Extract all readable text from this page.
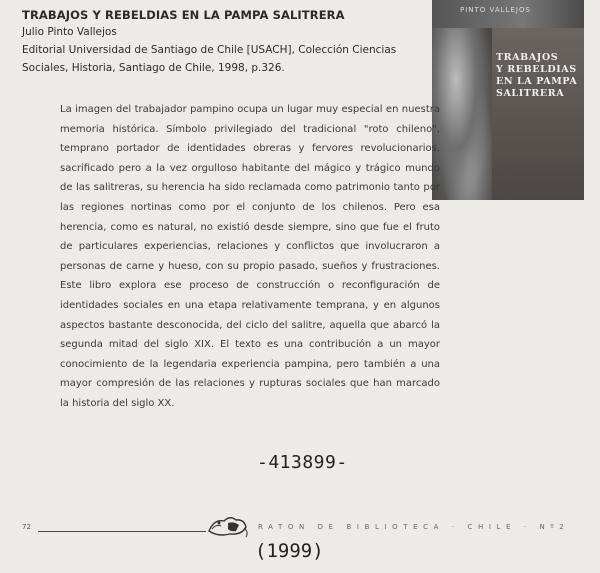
TRABAJOS Y REBELDIAS EN LA PAMPA SALITRERA
Julio Pinto Vallejos
Editorial Universidad de Santiago de Chile [USACH], Colección Ciencias
Sociales, Historia, Santiago de Chile, 1998, p.326.
PINTO VALLEJOS
TRABAJOS
Y REBELDIAS
EN LA PAMPA
SALITRERA
La imagen del trabajador pampino ocupa un lugar muy especial en nuestra memoria histórica. Símbolo privilegiado del tradicional "roto chileno", temprano portador de identidades obreras y fervores revolucionarios, sacrificado pero a la vez orgulloso habitante del mágico y trágico mundo de las salitreras, su herencia ha sido reclamada como patrimonio tanto por las regiones nortinas como por el conjunto de los chilenos. Pero esa herencia, como es natural, no existió desde siempre, sino que fue el fruto de particulares experiencias, relaciones y conflictos que involucraron a personas de carne y hueso, con su propio pasado, sueños y frustraciones. Este libro explora ese proceso de construcción o reconfiguración de identidades sociales en una etapa relativamente temprana, y en algunos aspectos bastante desconocida, del ciclo del salitre, aquella que abarcó la segunda mitad del siglo XIX. El texto es una contribución a un mayor conocimiento de la legendaria experiencia pampina, pero también a una mayor compresión de las relaciones y rupturas sociales que han marcado la historia del siglo XX.
-413899-
72	RATON DE BIBLIOTECA · CHILE · Nº2
(1999)
